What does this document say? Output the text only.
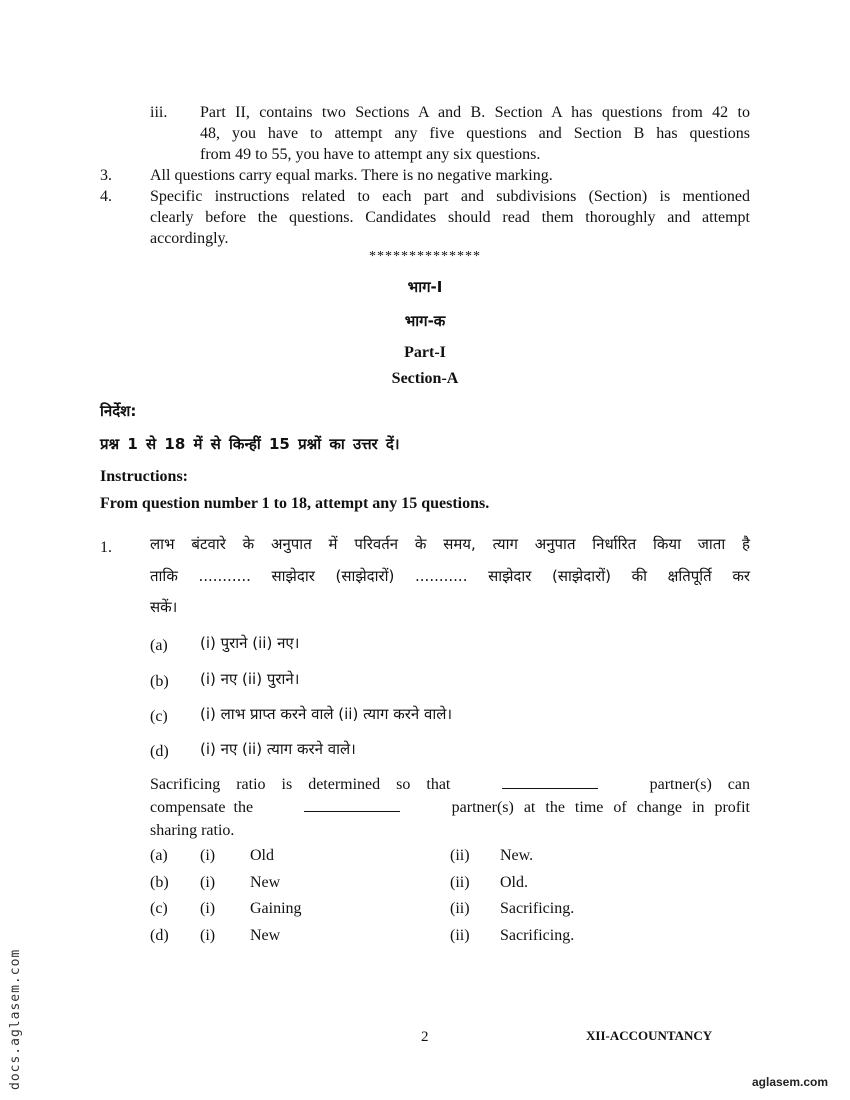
iii. Part II, contains two Sections A and B. Section A has questions from 42 to
48, you have to attempt any five questions and Section B has questions
from 49 to 55, you have to attempt any six questions.
3. All questions carry equal marks. There is no negative marking.
4. Specific instructions related to each part and subdivisions (Section) is mentioned
clearly before the questions. Candidates should read them thoroughly and attempt
accordingly.
**************
भाग-I
भाग-क
Part-I
Section-A
निर्देश:
प्रश्न 1 से 18 में से किन्हीं 15 प्रश्नों का उत्तर दें।
Instructions:
From question number 1 to 18, attempt any 15 questions.
1.	लाभ बंटवारे के अनुपात में परिवर्तन के समय, त्याग अनुपात निर्धारित किया जाता है
ताकि ........... साझेदार (साझेदारों) ........... साझेदार (साझेदारों) की क्षतिपूर्ति कर
सकें।
(a) (i) पुराने (ii) नए।
(b) (i) नए (ii) पुराने।
(c) (i) लाभ प्राप्त करने वाले (ii) त्याग करने वाले।
(d) (i) नए (ii) त्याग करने वाले।
Sacrificing ratio is determined so that	partner(s) can
compensate the	partner(s) at the time of change in profit
sharing ratio.
(a) (i) Old	(ii) New.
(b) (i) New	(ii) Old.
(c) (i) Gaining	(ii) Sacrificing.
(d) (i) New	(ii) Sacrificing.
2	XII-ACCOUNTANCY
aglasem.com
docs.aglasem.com
